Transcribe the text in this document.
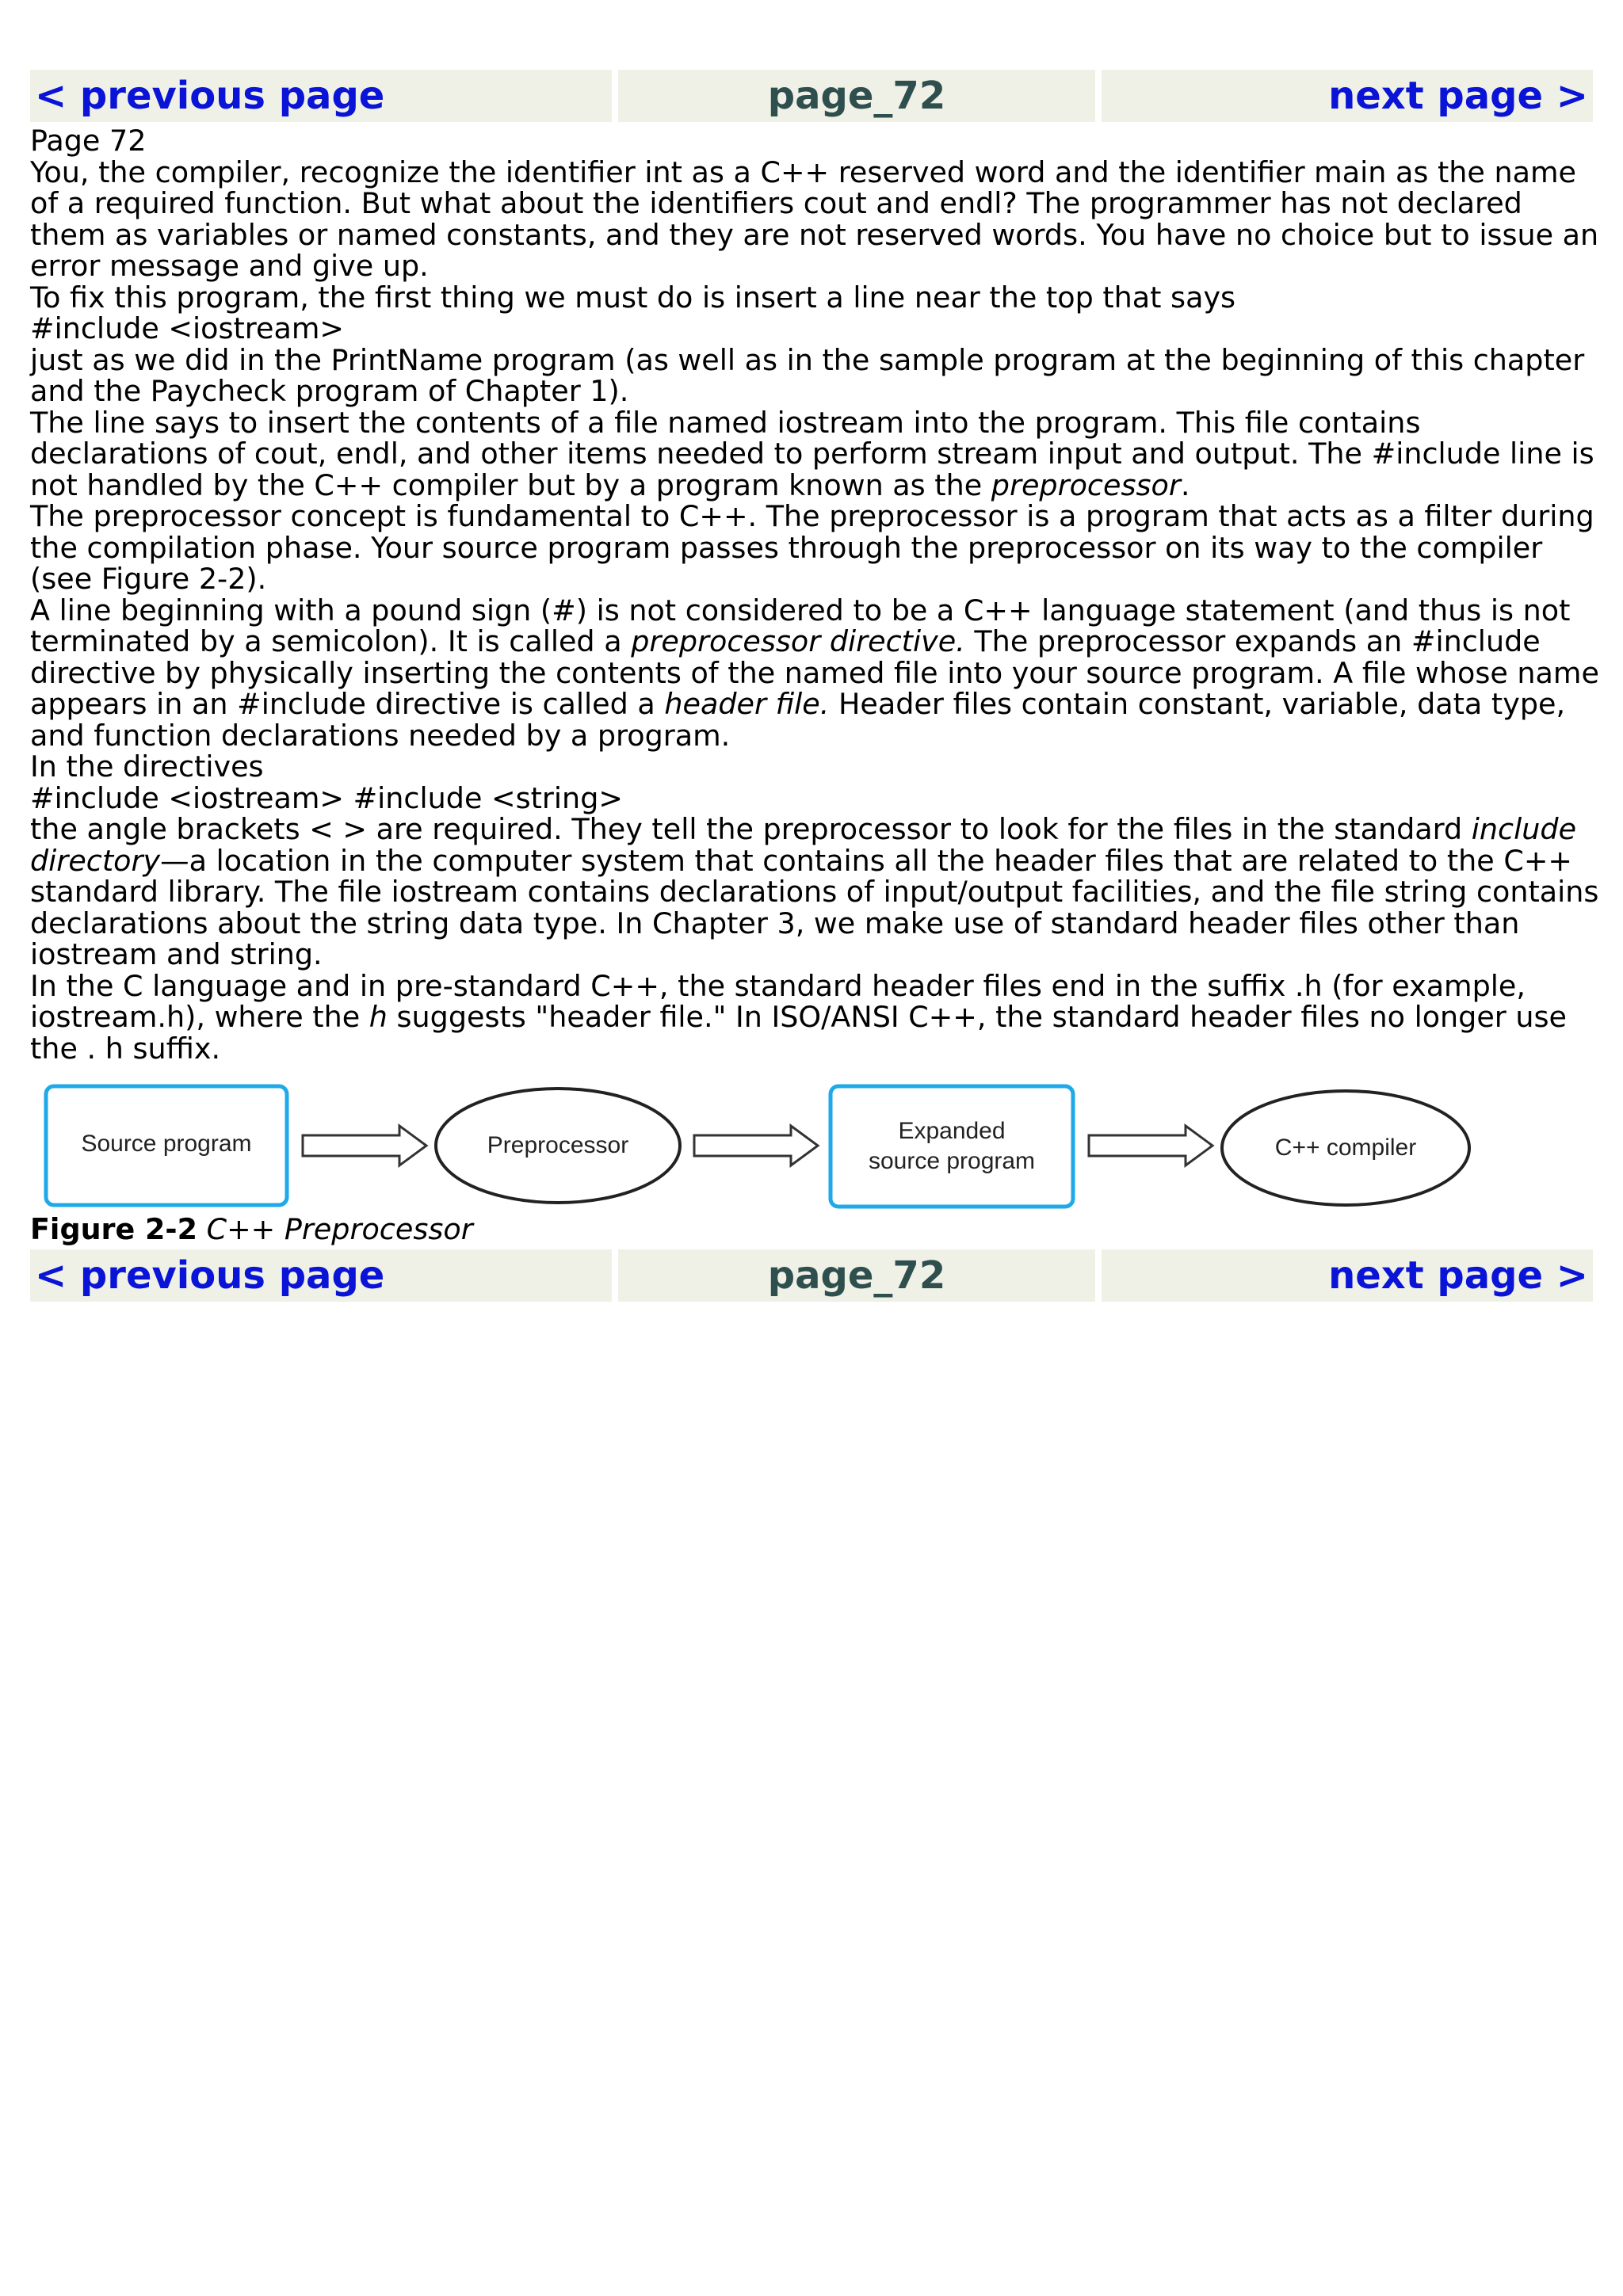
< previous page	page_72	next page >

Page 72

You, the compiler, recognize the identifier int as a C++ reserved word and the identifier main as the name of a required function. But what about the identifiers cout and endl? The programmer has not declared them as variables or named constants, and they are not reserved words. You have no choice but to issue an error message and give up.

To fix this program, the first thing we must do is insert a line near the top that says

#include <iostream>

just as we did in the PrintName program (as well as in the sample program at the beginning of this chapter and the Paycheck program of Chapter 1).

The line says to insert the contents of a file named iostream into the program. This file contains declarations of cout, endl, and other items needed to perform stream input and output. The #include line is not handled by the C++ compiler but by a program known as the preprocessor.

The preprocessor concept is fundamental to C++. The preprocessor is a program that acts as a filter during the compilation phase. Your source program passes through the preprocessor on its way to the compiler (see Figure 2-2).

A line beginning with a pound sign (#) is not considered to be a C++ language statement (and thus is not terminated by a semicolon). It is called a preprocessor directive. The preprocessor expands an #include directive by physically inserting the contents of the named file into your source program. A file whose name appears in an #include directive is called a header file. Header files contain constant, variable, data type, and function declarations needed by a program.

In the directives

#include <iostream> #include <string>

the angle brackets < > are required. They tell the preprocessor to look for the files in the standard include directory—a location in the computer system that contains all the header files that are related to the C++ standard library. The file iostream contains declarations of input/output facilities, and the file string contains declarations about the string data type. In Chapter 3, we make use of standard header files other than iostream and string.

In the C language and in pre-standard C++, the standard header files end in the suffix .h (for example, iostream.h), where the h suggests "header file." In ISO/ANSI C++, the standard header files no longer use the . h suffix.

Source program	Preprocessor
Expanded
source program
C++ compiler
Figure 2-2 C++ Preprocessor
< previous page	page_72	next page >
